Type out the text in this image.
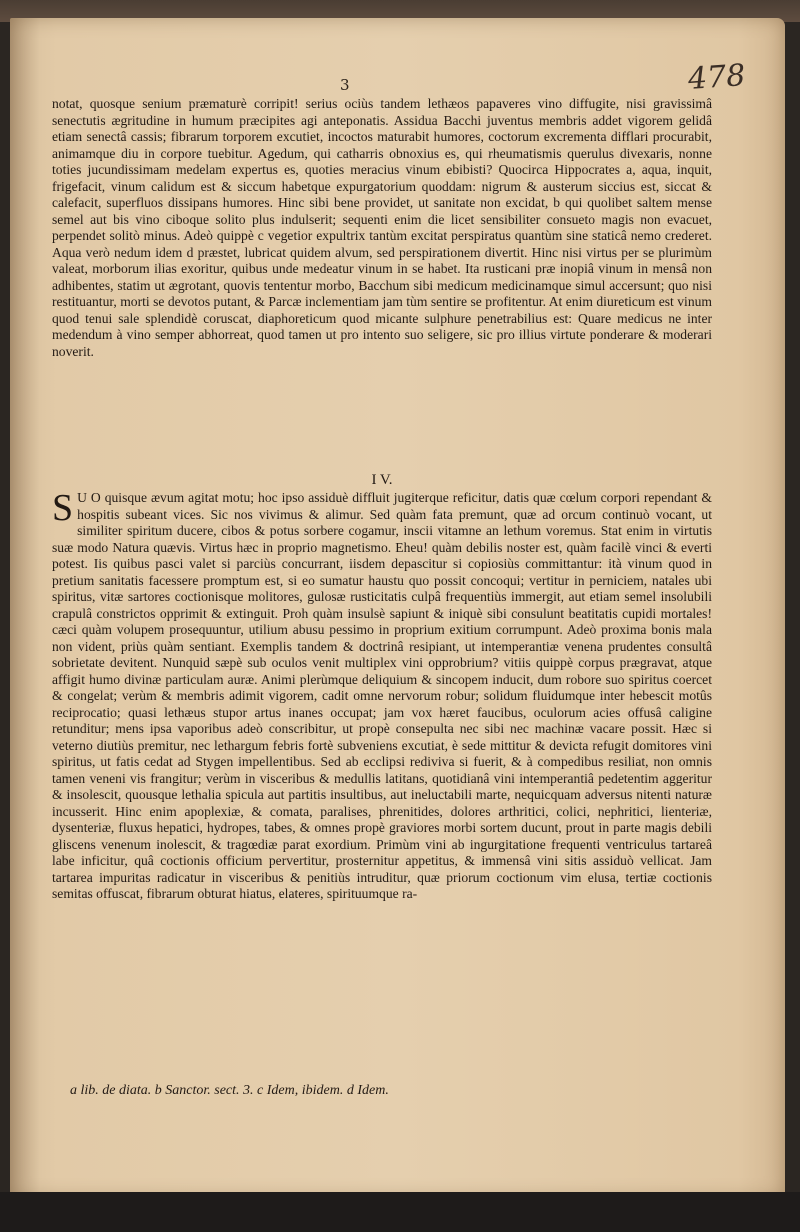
3	478

notat, quosque senium præmaturè corripit! serius ociùs tandem lethæos papaveres vino diffugite, nisi gravissimâ senectutis ægritudine in humum præcipites agi anteponatis. Assidua Bacchi juventus membris addet vigorem gelidâ etiam senectâ cassis; fibrarum torporem excutiet, incoctos maturabit humores, coctorum excrementa difflari procurabit, animamque diu in corpore tuebitur. Agedum, qui catharris obnoxius es, qui rheumatismis querulus divexaris, nonne toties jucundissimam medelam expertus es, quoties meracius vinum ebibisti? Quocirca Hippocrates a, aqua, inquit, frigefacit, vinum calidum est & siccum habetque expurgatorium quoddam: nigrum & austerum siccius est, siccat & calefacit, superfluos dissipans humores. Hinc sibi bene providet, ut sanitate non excidat, b qui quolibet saltem mense semel aut bis vino ciboque solito plus indulserit; sequenti enim die licet sensibiliter consueto magis non evacuet, perpendet solitò minus. Adeò quippè c vegetior expultrix tantùm excitat perspiratus quantùm sine staticâ nemo crederet. Aqua verò nedum idem d præstet, lubricat quidem alvum, sed perspirationem divertit. Hinc nisi virtus per se plurimùm valeat, morborum ilias exoritur, quibus unde medeatur vinum in se habet. Ita rusticani præ inopiâ vinum in mensâ non adhibentes, statim ut ægrotant, quovis tententur morbo, Bacchum sibi medicum medicinamque simul accersunt; quo nisi restituantur, morti se devotos putant, & Parcæ inclementiam jam tùm sentire se profitentur. At enim diureticum est vinum quod tenui sale splendidè coruscat, diaphoreticum quod micante sulphure penetrabilius est: Quare medicus ne inter medendum à vino semper abhorreat, quod tamen ut pro intento suo seligere, sic pro illius virtute ponderare & moderari noverit.

I V.

S U O quisque ævum agitat motu; hoc ipso assiduè diffluit jugiterque reficitur, datis quæ cœlum corpori rependant & hospitis subeant vices. Sic nos vivimus & alimur. Sed quàm fata premunt, quæ ad orcum continuò vocant, ut similiter spiritum ducere, cibos & potus sorbere cogamur, inscii vitamne an lethum voremus. Stat enim in virtutis suæ modo Natura quævis. Virtus hæc in proprio magnetismo. Eheu! quàm debilis noster est, quàm facilè vinci & everti potest. Iis quibus pasci valet si parciùs concurrant, iisdem depascitur si copiosiùs committantur: ità vinum quod in pretium sanitatis facessere promptum est, si eo sumatur haustu quo possit concoqui; vertitur in perniciem, natales ubi spiritus, vitæ sartores coctionisque molitores, gulosæ rusticitatis culpâ frequentiùs immergit, aut etiam semel insolubili crapulâ constrictos opprimit & extinguit. Proh quàm insulsè sapiunt & iniquè sibi consulunt beatitatis cupidi mortales! cæci quàm volupem prosequuntur, utilium abusu pessimo in proprium exitium corrumpunt. Adeò proxima bonis mala non vident, priùs quàm sentiant. Exemplis tandem & doctrinâ resipiant, ut intemperantiæ venena prudentes consultâ sobrietate devitent. Nunquid sæpè sub oculos venit multiplex vini opprobrium? vitiis quippè corpus prægravat, atque affigit humo divinæ particulam auræ. Animi plerùmque deliquium & sincopem inducit, dum robore suo spiritus coercet & congelat; verùm & membris adimit vigorem, cadit omne nervorum robur; solidum fluidumque inter hebescit motûs reciprocatio; quasi lethæus stupor artus inanes occupat; jam vox hæret faucibus, oculorum acies offusâ caligine retunditur; mens ipsa vaporibus adeò conscribitur, ut propè consepulta nec sibi nec machinæ vacare possit. Hæc si veterno diutiùs premitur, nec lethargum febris fortè subveniens excutiat, è sede mittitur & devicta refugit domitores vini spiritus, ut fatis cedat ad Stygen impellentibus. Sed ab ecclipsi rediviva si fuerit, & à compedibus resiliat, non omnis tamen veneni vis frangitur; verùm in visceribus & medullis latitans, quotidianâ vini intemperantiâ pedetentim aggeritur & insolescit, quousque lethalia spicula aut partitis insultibus, aut ineluctabili marte, nequicquam adversus nitenti naturæ incusserit. Hinc enim apoplexiæ, & comata, paralises, phrenitides, dolores arthritici, colici, nephritici, lienteriæ, dysenteriæ, fluxus hepatici, hydropes, tabes, & omnes propè graviores morbi sortem ducunt, prout in parte magis debili gliscens venenum inolescit, & tragœdiæ parat exordium. Primùm vini ab ingurgitatione frequenti ventriculus tartareâ labe inficitur, quâ coctionis officium pervertitur, prosternitur appetitus, & immensâ vini sitis assiduò vellicat. Jam tartarea impuritas radicatur in visceribus & penitiùs intruditur, quæ priorum coctionum vim elusa, tertiæ coctionis semitas offuscat, fibrarum obturat hiatus, elateres, spirituumque ra-

a lib. de diata. b Sanctor. sect. 3. c Idem, ibidem. d Idem.
